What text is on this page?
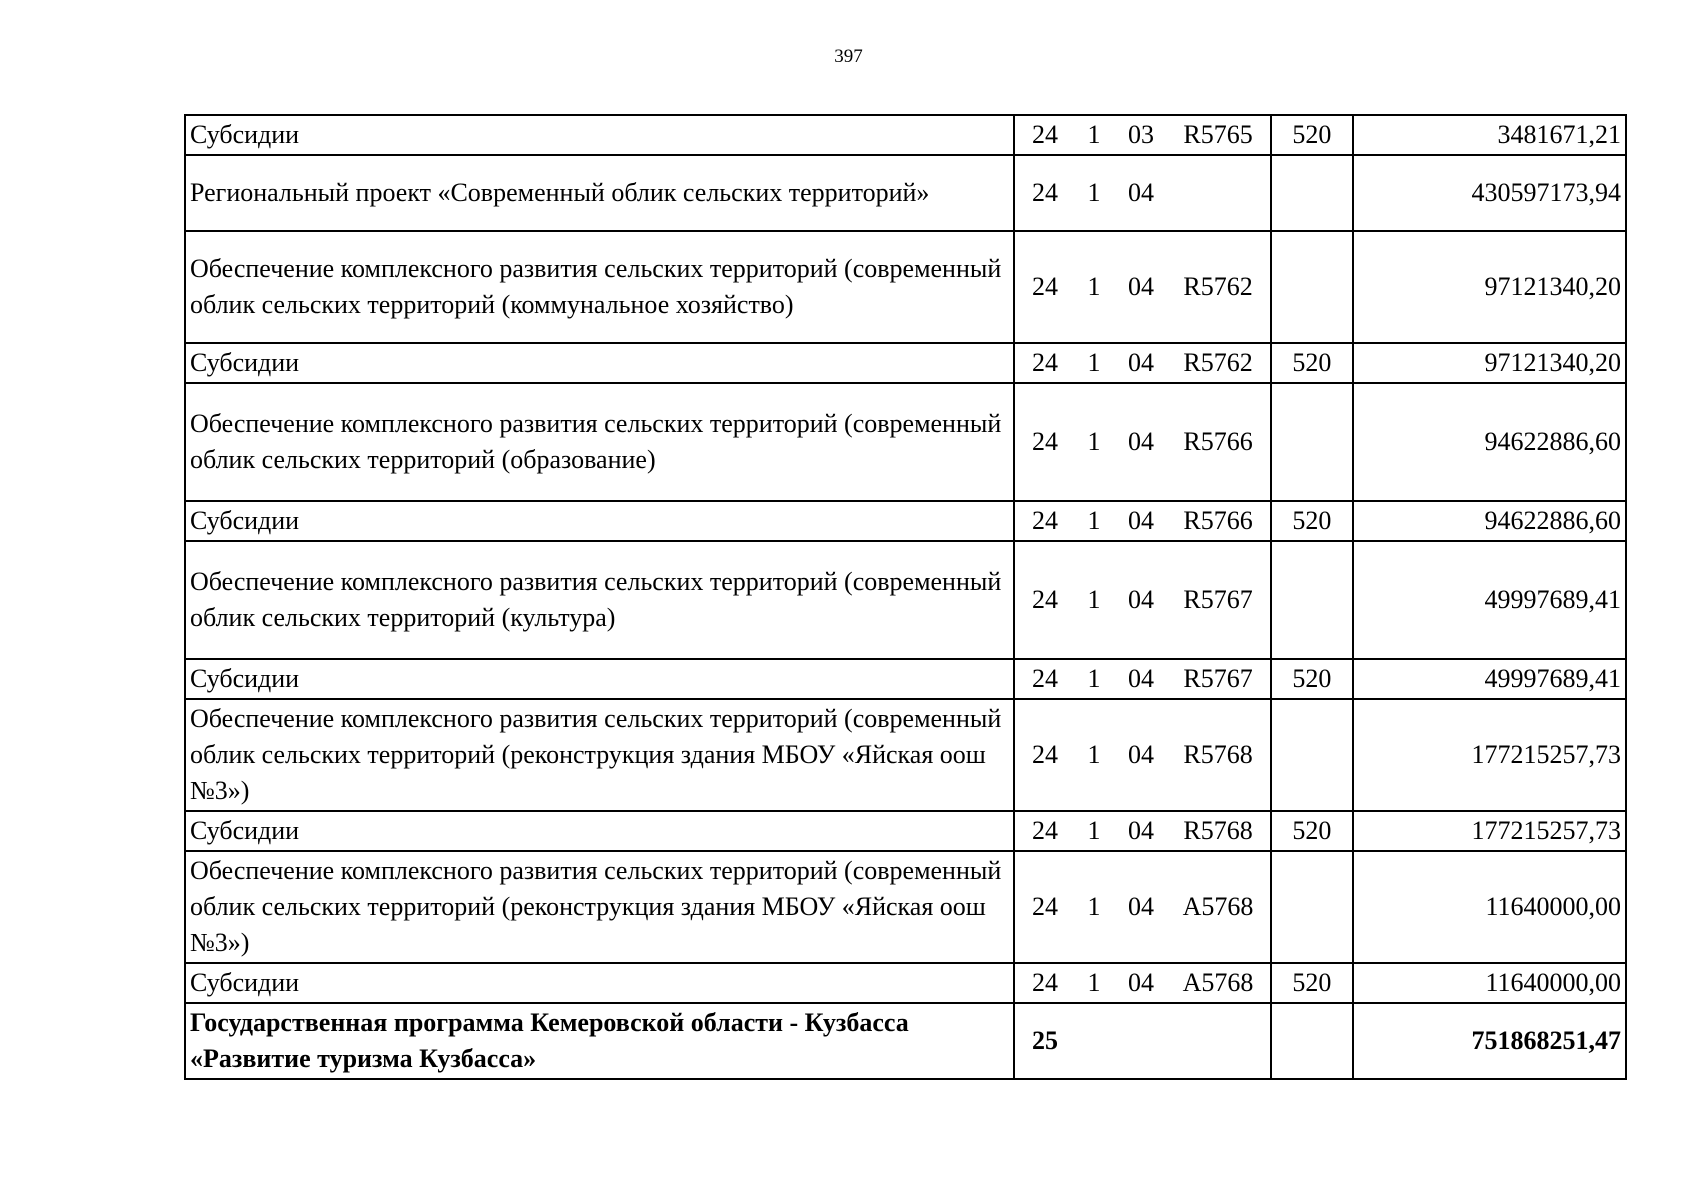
397
Субсидии	24 1 03 R5765	520	3481671,21
Региональный проект «Современный облик сельских территорий»	24 1 04		430597173,94
Обеспечение комплексного развития сельских территорий (современный облик сельских территорий (коммунальное хозяйство)	24 1 04 R5762		97121340,20
Субсидии	24 1 04 R5762	520	97121340,20
Обеспечение комплексного развития сельских территорий (современный облик сельских территорий (образование)	24 1 04 R5766		94622886,60
Субсидии	24 1 04 R5766	520	94622886,60
Обеспечение комплексного развития сельских территорий (современный облик сельских территорий (культура)	24 1 04 R5767		49997689,41
Субсидии	24 1 04 R5767	520	49997689,41
Обеспечение комплексного развития сельских территорий (современный облик сельских территорий (реконструкция здания МБОУ «Яйская оош №3»)	24 1 04 R5768		177215257,73
Субсидии	24 1 04 R5768	520	177215257,73
Обеспечение комплексного развития сельских территорий (современный облик сельских территорий (реконструкция здания МБОУ «Яйская оош №3»)	24 1 04 A5768		11640000,00
Субсидии	24 1 04 A5768	520	11640000,00
Государственная программа Кемеровской области - Кузбасса «Развитие туризма Кузбасса»	25		751868251,47
